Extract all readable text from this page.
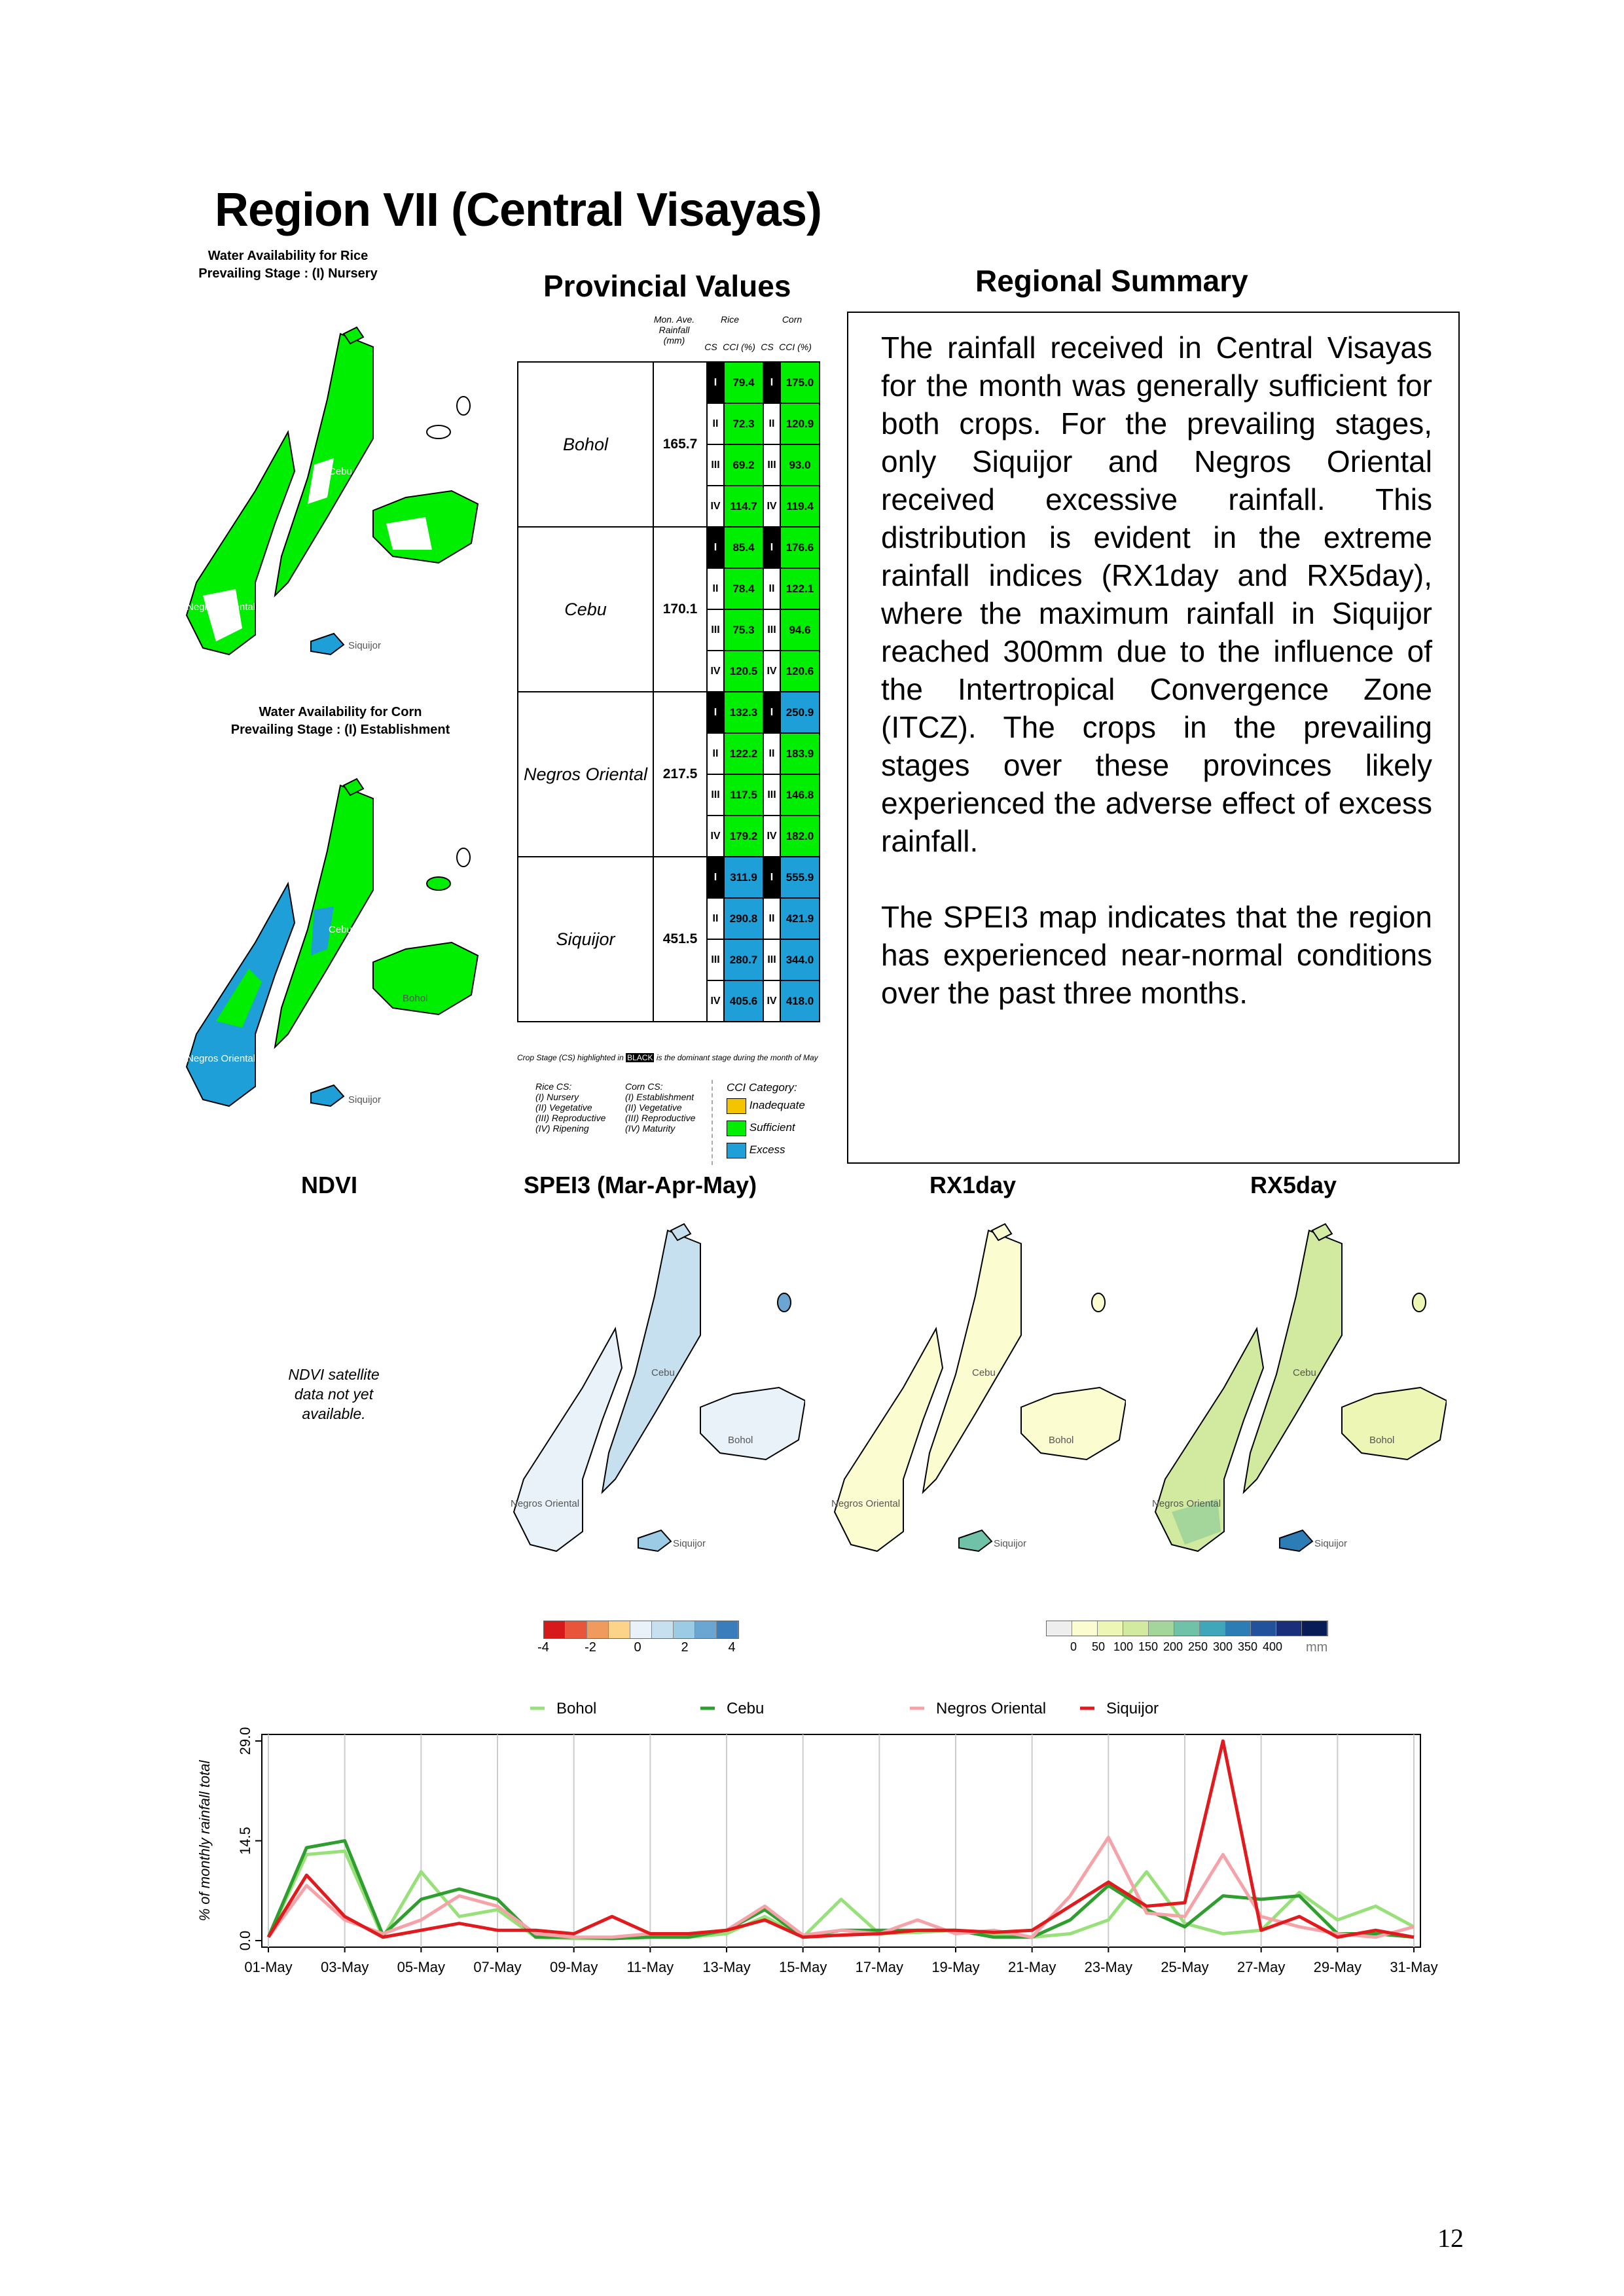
Region VII (Central Visayas)
Water Availability for Rice
Prevailing Stage : (I) Nursery
Cebu
Bohol
Negros Oriental
Siquijor
Water Availability for Corn
Prevailing Stage : (I) Establishment
Cebu
Bohol
Negros Oriental
Siquijor
Provincial Values
Mon. Ave. Rainfall (mm)
Rice	Corn
CS CCI (%) CS CCI (%)
Bohol	165.7	I	79.4	I	175.0
		II	72.3	II	120.9
		III	69.2	III	93.0
		IV	114.7	IV	119.4
Cebu	170.1	I	85.4	I	176.6
		II	78.4	II	122.1
		III	75.3	III	94.6
		IV	120.5	IV	120.6
Negros Oriental	217.5	I	132.3	I	250.9
		II	122.2	II	183.9
		III	117.5	III	146.8
		IV	179.2	IV	182.0
Siquijor	451.5	I	311.9	I	555.9
		II	290.8	II	421.9
		III	280.7	III	344.0
		IV	405.6	IV	418.0
Crop Stage (CS) highlighted in BLACK is the dominant stage during the month of May
Rice CS:
(I) Nursery
(II) Vegetative
(III) Reproductive
(IV) Ripening
Corn CS:
(I) Establishment
(II) Vegetative
(III) Reproductive
(IV) Maturity
CCI Category:
Inadequate
Sufficient
Excess
Regional Summary

The rainfall received in Central Visayas for the month was generally sufficient for both crops. For the prevailing stages, only Siquijor and Negros Oriental received excessive rainfall. This distribution is evident in the extreme rainfall indices (RX1day and RX5day), where the maximum rainfall in Siquijor reached 300mm due to the influence of the Intertropical Convergence Zone (ITCZ). The crops in the prevailing stages over these provinces likely experienced the adverse effect of excess rainfall.

The SPEI3 map indicates that the region has experienced near-normal conditions over the past three months.

NDVI	SPEI3 (Mar-Apr-May)	RX1day	RX5day
NDVI satellite
data not yet
available.
Cebu
Bohol
Negros Oriental
Siquijor
Cebu
Bohol
Negros Oriental
Siquijor
Cebu
Bohol
Negros Oriental
Siquijor
-4	-2	0	2	4	0	50 100 150 200 250 300 350 400 mm
Bohol	Cebu	Negros Oriental	Siquijor
0.0
14.5
29.0
% of monthly rainfall total
01-May 03-May 05-May 07-May 09-May 11-May 13-May 15-May 17-May 19-May 21-May 23-May 25-May 27-May 29-May 31-May
12
